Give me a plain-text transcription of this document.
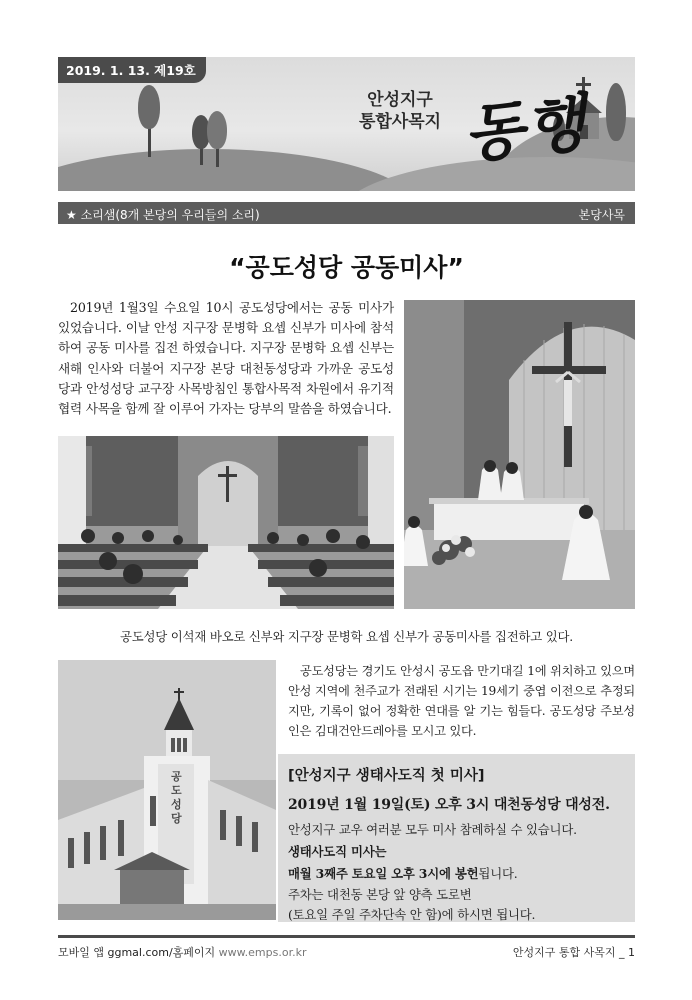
2019. 1. 13. 제19호
안성지구
통합사목지 동행
★ 소리샘(8개 본당의 우리들의 소리)	본당사목
“공도성당 공동미사”
2019년 1월3일 수요일 10시 공도성당에서는 공동 미사가 있었습니다. 이날 안성 지구장 문병학 요셉 신부가 미사에 참석하여 공동 미사를 집전 하였습니다. 지구장 문병학 요셉 신부는 새해 인사와 더불어 지구장 본당 대천동성당과 가까운 공도성당과 안성성당 교구장 사목방침인 통합사목적 차원에서 유기적 협력 사목을 함께 잘 이루어 가자는 당부의 말씀을 하였습니다.
공도성당 이석재 바오로 신부와 지구장 문병학 요셉 신부가 공동미사를 집전하고 있다.
공 도 성 당
공도성당는 경기도 안성시 공도읍 만기대길 1에 위치하고 있으며 안성 지역에 천주교가 전래된 시기는 19세기 중엽 이전으로 추정되지만, 기록이 없어 정확한 연대를 알 기는 힘들다. 공도성당 주보성인은 김대건안드레아를 모시고 있다.
[안성지구 생태사도직 첫 미사]
2019년 1월 19일(토) 오후 3시 대천동성당 대성전.
안성지구 교우 여러분 모두 미사 참례하실 수 있습니다.
생태사도직 미사는
매월 3째주 토요일 오후 3시에 봉헌됩니다.
주차는 대천동 본당 앞 양측 도로변
(토요일 주일 주차단속 안 함)에 하시면 됩니다.
모바일 앱 ggmal.com/홈페이지 www.emps.or.kr	안성지구 통합 사목지 _ 1
